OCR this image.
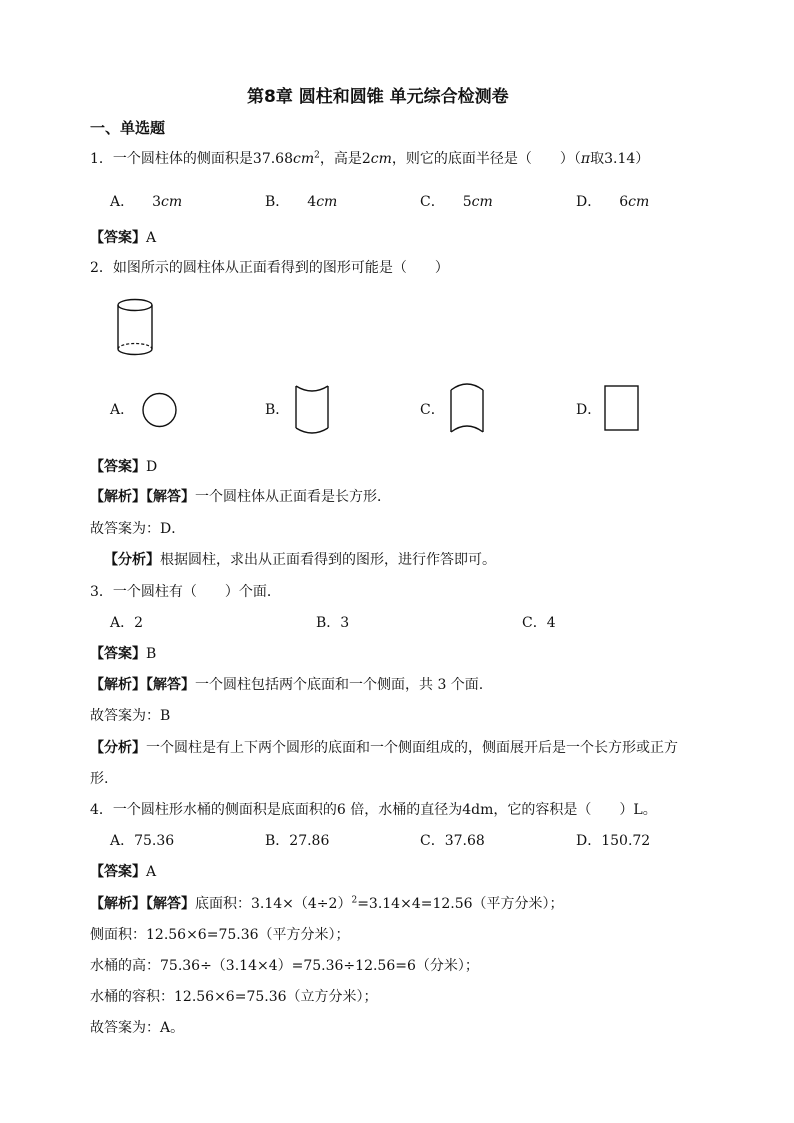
第8章 圆柱和圆锥 单元综合检测卷
一、单选题
1．一个圆柱体的侧面积是$37.68cm^2$，高是2cm，则它的底面半径是（　　）（π取3.14）
A． 3cm	B． 4cm	C． 5cm	D． 6cm
【答案】A
2．如图所示的圆柱体从正面看得到的图形可能是（　　）
A．	B．	C．	D．
【答案】D
【解析】【解答】一个圆柱体从正面看是长方形．
故答案为：D．
【分析】根据圆柱，求出从正面看得到的图形，进行作答即可。
3．一个圆柱有（　　）个面．
A．2	B．3	C．4
【答案】B
【解析】【解答】一个圆柱包括两个底面和一个侧面，共 3 个面.
故答案为：B
【分析】一个圆柱是有上下两个圆形的底面和一个侧面组成的，侧面展开后是一个长方形或正方
形.
4．一个圆柱形水桶的侧面积是底面积的6 倍，水桶的直径为4dm，它的容积是（　　）L。
A．75.36	B．27.86	C．37.68	D．150.72
【答案】A
【解析】【解答】底面积：$3.14\times(4\div 2)^2=3.14\times 4=12.56$（平方分米）；
侧面积：12.56×6=75.36（平方分米）；
水桶的高：75.36÷（3.14×4）=75.36÷12.56=6（分米）；
水桶的容积：12.56×6=75.36（立方分米）；
故答案为：A。
